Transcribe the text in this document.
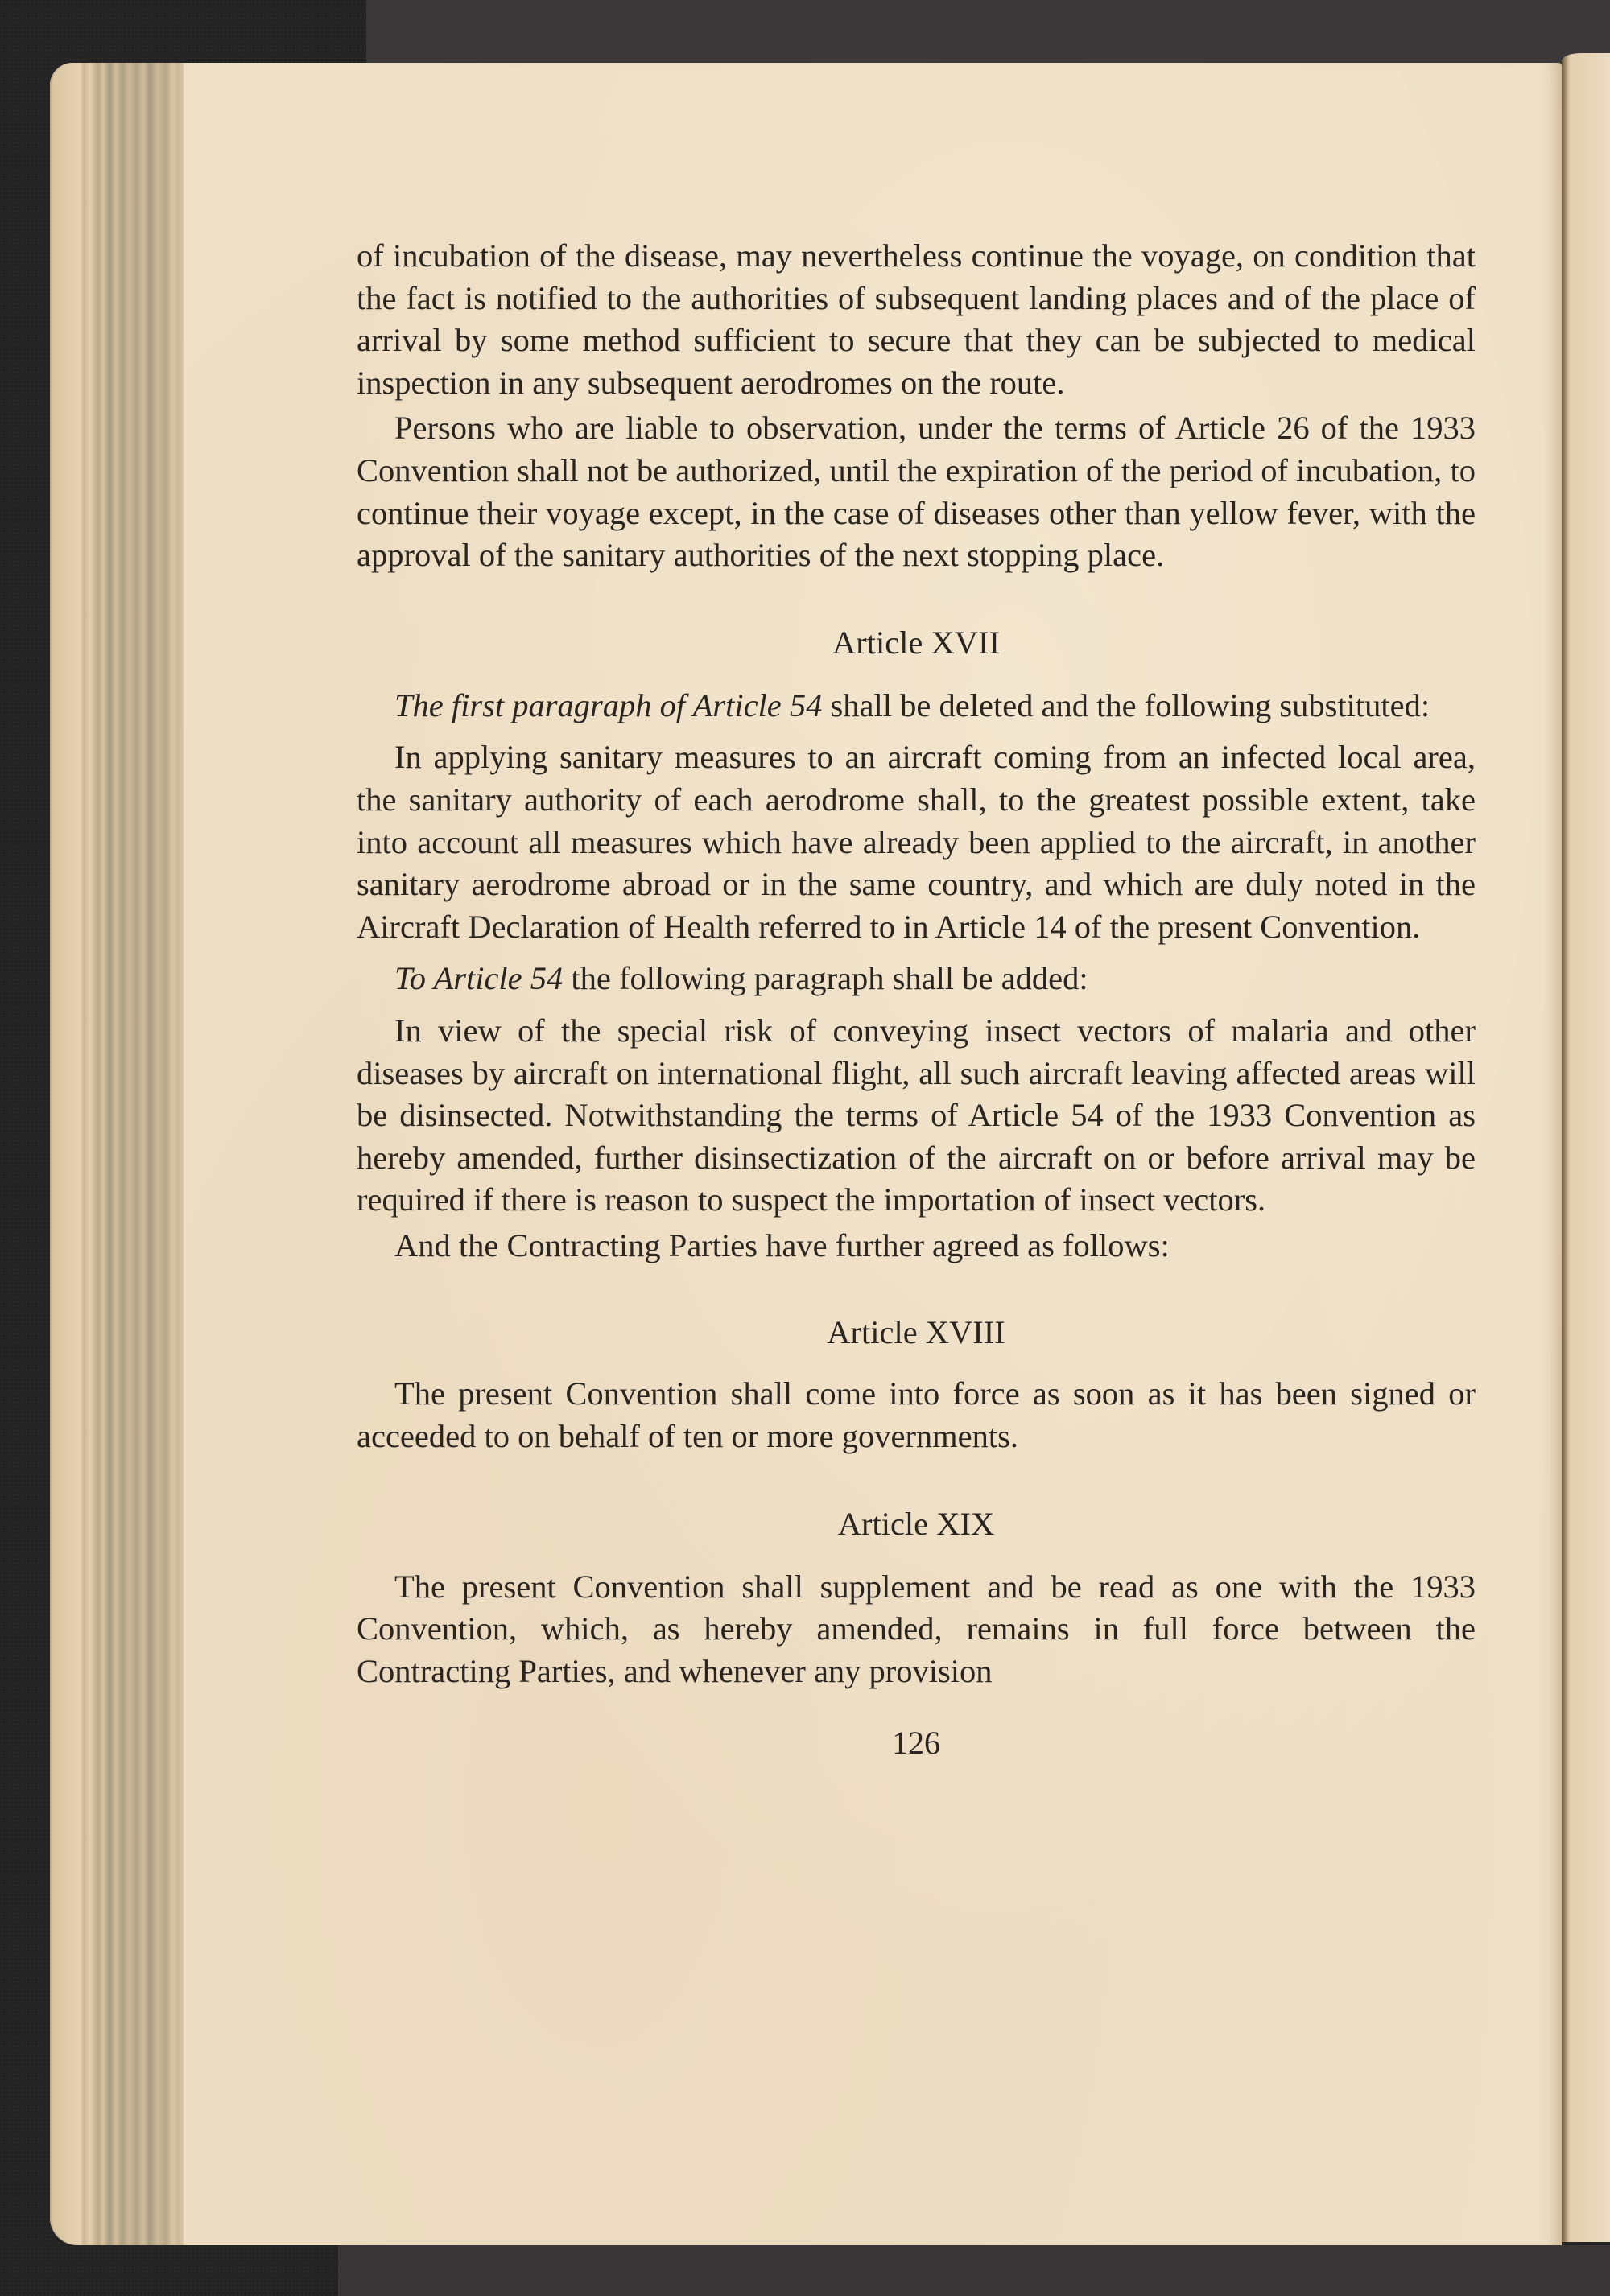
of incubation of the disease, may nevertheless continue the voyage, on condition that the fact is notified to the authorities of subsequent landing places and of the place of arrival by some method sufficient to secure that they can be subjected to medical inspection in any subsequent aerodromes on the route.

Persons who are liable to observation, under the terms of Article 26 of the 1933 Convention shall not be authorized, until the expiration of the period of incubation, to continue their voyage except, in the case of diseases other than yellow fever, with the approval of the sanitary authorities of the next stopping place.

Article XVII

The first paragraph of Article 54 shall be deleted and the following substituted:

In applying sanitary measures to an aircraft coming from an infected local area, the sanitary authority of each aerodrome shall, to the greatest possible extent, take into account all measures which have already been applied to the aircraft, in another sanitary aerodrome abroad or in the same country, and which are duly noted in the Aircraft Declaration of Health referred to in Article 14 of the present Convention.

To Article 54 the following paragraph shall be added:

In view of the special risk of conveying insect vectors of malaria and other diseases by aircraft on international flight, all such aircraft leaving affected areas will be disinsected. Notwithstanding the terms of Article 54 of the 1933 Convention as hereby amended, further disinsectization of the aircraft on or before arrival may be required if there is reason to suspect the importation of insect vectors.

And the Contracting Parties have further agreed as follows:

Article XVIII

The present Convention shall come into force as soon as it has been signed or acceeded to on behalf of ten or more governments.

Article XIX

The present Convention shall supplement and be read as one with the 1933 Convention, which, as hereby amended, remains in full force between the Contracting Parties, and whenever any provision

126
